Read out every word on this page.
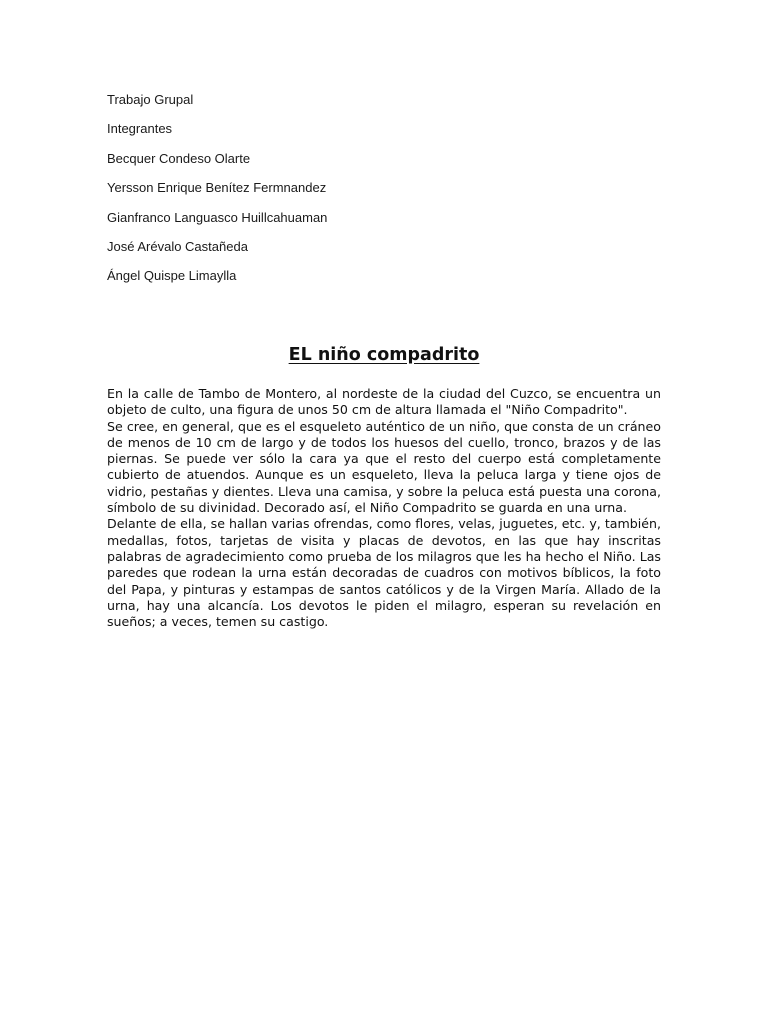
Trabajo Grupal
Integrantes
Becquer Condeso Olarte
Yersson Enrique Benítez Fermnandez
Gianfranco Languasco Huillcahuaman
José Arévalo Castañeda
Ángel Quispe Limaylla
EL niño compadrito

En la calle de Tambo de Montero, al nordeste de la ciudad del Cuzco, se encuentra un objeto de culto, una figura de unos 50 cm de altura llamada el "Niño Compadrito".

Se cree, en general, que es el esqueleto auténtico de un niño, que consta de un cráneo de menos de 10 cm de largo y de todos los huesos del cuello, tronco, brazos y de las piernas. Se puede ver sólo la cara ya que el resto del cuerpo está completamente cubierto de atuendos. Aunque es un esqueleto, lleva la peluca larga y tiene ojos de vidrio, pestañas y dientes. Lleva una camisa, y sobre la peluca está puesta una corona, símbolo de su divinidad. Decorado así, el Niño Compadrito se guarda en una urna.

Delante de ella, se hallan varias ofrendas, como flores, velas, juguetes, etc. y, también, medallas, fotos, tarjetas de visita y placas de devotos, en las que hay inscritas palabras de agradecimiento como prueba de los milagros que les ha hecho el Niño. Las paredes que rodean la urna están decoradas de cuadros con motivos bíblicos, la foto del Papa, y pinturas y estampas de santos católicos y de la Virgen María. Allado de la urna, hay una alcancía. Los devotos le piden el milagro, esperan su revelación en sueños; a veces, temen su castigo.
